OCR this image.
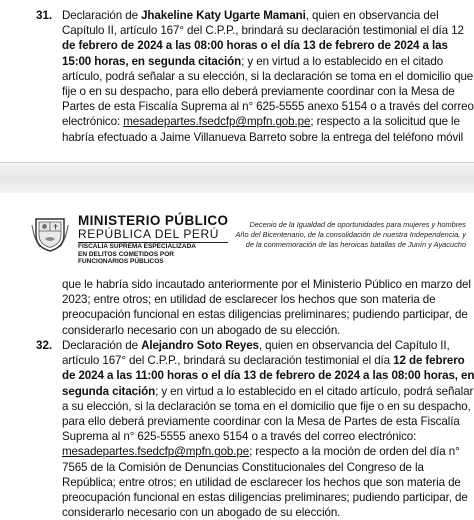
31. Declaración de Jhakeline Katy Ugarte Mamani, quien en observancia del
Capítulo II, artículo 167° del C.P.P., brindará su declaración testimonial el día 12
de febrero de 2024 a las 08:00 horas o el día 13 de febrero de 2024 a las
15:00 horas, en segunda citación; y en virtud a lo establecido en el citado
artículo, podrá señalar a su elección, si la declaración se toma en el domicilio que
fije o en su despacho, para ello deberá previamente coordinar con la Mesa de
Partes de esta Fiscalía Suprema al n° 625-5555 anexo 5154 o a través del correo
electrónico: mesadepartes.fsedcfp@mpfn.gob.pe; respecto a la solicitud que le
habría efectuado a Jaime Villanueva Barreto sobre la entrega del teléfono móvil
MINISTERIO PÚBLICO
REPÚBLICA DEL PERÚ
FISCALÍA SUPREMA ESPECIALIZADA
EN DELITOS COMETIDOS POR
FUNCIONARIOS PÚBLICOS
Decenio de la Igualdad de oportunidades para mujeres y hombres
Año del Bicentenario, de la consolidación de nuestra Independencia, y
de la conmemoración de las heroicas batallas de Junín y Ayacucho
que le habría sido incautado anteriormente por el Ministerio Público en marzo del
2023; entre otros; en utilidad de esclarecer los hechos que son materia de
preocupación funcional en estas diligencias preliminares; pudiendo participar, de
considerarlo necesario con un abogado de su elección.
32. Declaración de Alejandro Soto Reyes, quien en observancia del Capítulo II,
artículo 167° del C.P.P., brindará su declaración testimonial el día 12 de febrero
de 2024 a las 11:00 horas o el día 13 de febrero de 2024 a las 08:00 horas, en
segunda citación; y en virtud a lo establecido en el citado artículo, podrá señalar
a su elección, si la declaración se toma en el domicilio que fije o en su despacho,
para ello deberá previamente coordinar con la Mesa de Partes de esta Fiscalía
Suprema al n° 625-5555 anexo 5154 o a través del correo electrónico:
mesadepartes.fsedcfp@mpfn.gob.pe; respecto a la moción de orden del día n°
7565 de la Comisión de Denuncias Constitucionales del Congreso de la
República; entre otros; en utilidad de esclarecer los hechos que son materia de
preocupación funcional en estas diligencias preliminares; pudiendo participar, de
considerarlo necesario con un abogado de su elección.
